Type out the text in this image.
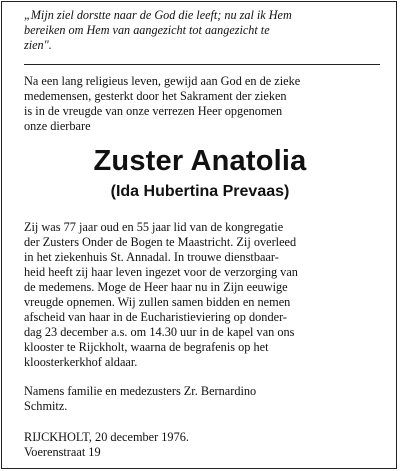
„Mijn ziel dorstte naar de God die leeft; nu zal ik Hem
bereiken om Hem van aangezicht tot aangezicht te
zien".
Na een lang religieus leven, gewijd aan God en de zieke
medemensen, gesterkt door het Sakrament der zieken
is in de vreugde van onze verrezen Heer opgenomen
onze dierbare
Zuster Anatolia
(Ida Hubertina Prevaas)
Zij was 77 jaar oud en 55 jaar lid van de kongregatie
der Zusters Onder de Bogen te Maastricht. Zij overleed
in het ziekenhuis St. Annadal. In trouwe dienstbaar-
heid heeft zij haar leven ingezet voor de verzorging van
de medemens. Moge de Heer haar nu in Zijn eeuwige
vreugde opnemen. Wij zullen samen bidden en nemen
afscheid van haar in de Eucharistieviering op donder-
dag 23 december a.s. om 14.30 uur in de kapel van ons
klooster te Rijckholt, waarna de begrafenis op het
kloosterkerkhof aldaar.
Namens familie en medezusters Zr. Bernardino
Schmitz.
RIJCKHOLT, 20 december 1976.
Voerenstraat 19
